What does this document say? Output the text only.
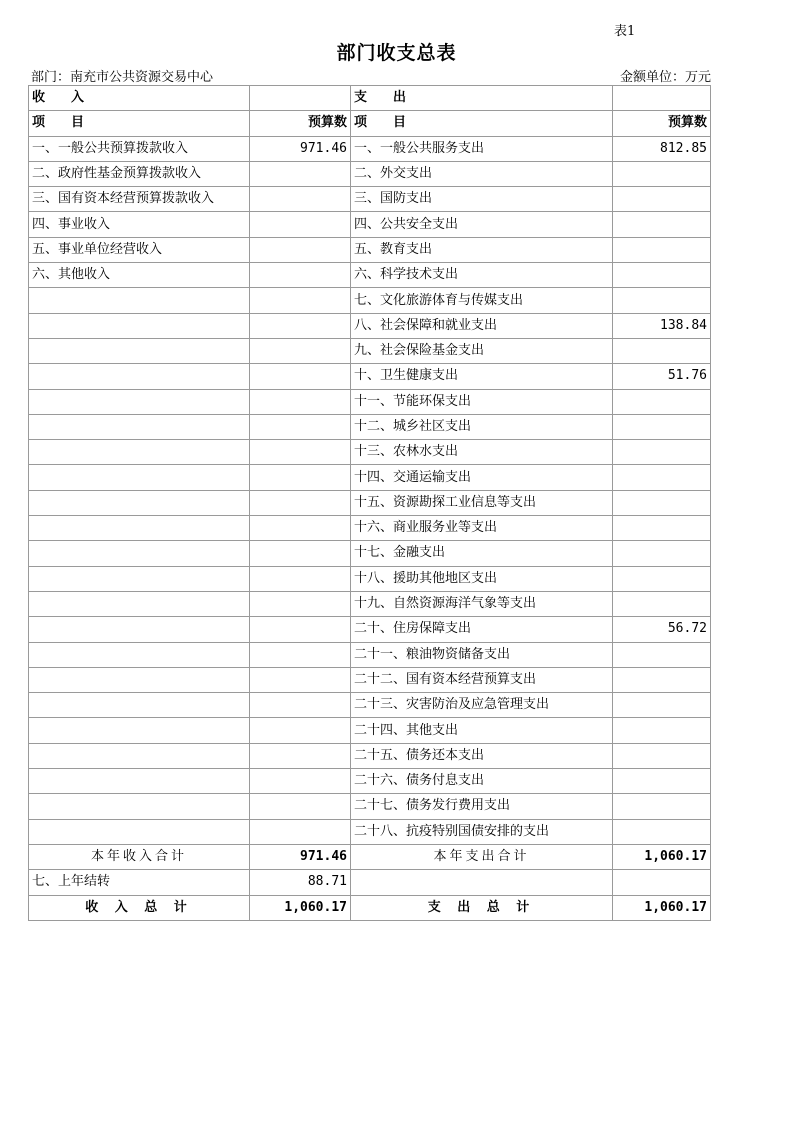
表1
部门收支总表
部门：南充市公共资源交易中心	金额单位：万元
收　　入		支　　出	
项　　目	预算数	项　　目	预算数
一、一般公共预算拨款收入	971.46	一、一般公共服务支出	812.85
二、政府性基金预算拨款收入		二、外交支出	
三、国有资本经营预算拨款收入		三、国防支出	
四、事业收入		四、公共安全支出	
五、事业单位经营收入		五、教育支出	
六、其他收入		六、科学技术支出	
		七、文化旅游体育与传媒支出	
		八、社会保障和就业支出	138.84
		九、社会保险基金支出	
		十、卫生健康支出	51.76
		十一、节能环保支出	
		十二、城乡社区支出	
		十三、农林水支出	
		十四、交通运输支出	
		十五、资源勘探工业信息等支出	
		十六、商业服务业等支出	
		十七、金融支出	
		十八、援助其他地区支出	
		十九、自然资源海洋气象等支出	
		二十、住房保障支出	56.72
		二十一、粮油物资储备支出	
		二十二、国有资本经营预算支出	
		二十三、灾害防治及应急管理支出	
		二十四、其他支出	
		二十五、债务还本支出	
		二十六、债务付息支出	
		二十七、债务发行费用支出	
		二十八、抗疫特别国债安排的支出	
本年收入合计	971.46	本年支出合计	1,060.17
七、上年结转	88.71		
收 入 总 计	1,060.17	支 出 总 计	1,060.17
